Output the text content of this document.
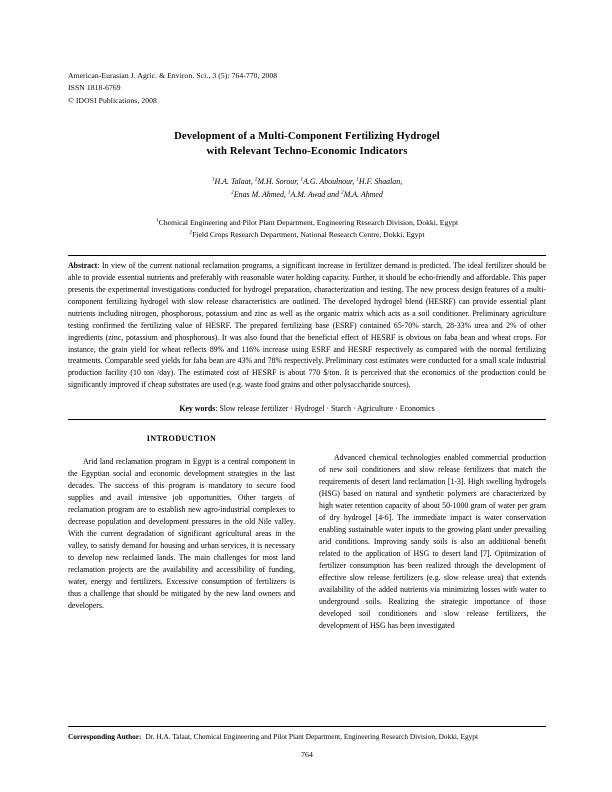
American-Eurasian J. Agric. & Environ. Sci., 3 (5): 764-770, 2008
ISSN 1818-6769
© IDOSI Publications, 2008
Development of a Multi-Component Fertilizing Hydrogel
with Relevant Techno-Economic Indicators
$^1$H.A. Talaat, $^2$M.H. Sorour, $^1$A.G. Aboulnour, $^1$H.F. Shaalan,
$^2$Enas M. Ahmed, $^1$A.M. Awad and $^2$M.A. Ahmed
$^1$Chemical Engineering and Pilot Plant Department, Engineering Research Division, Dokki, Egypt
$^2$Field Crops Research Department, National Research Centre, Dokki, Egypt
Abstract: In view of the current national reclamation programs, a significant increase in fertilizer demand is predicted. The ideal fertilizer should be able to provide essential nutrients and preferably with reasonable water holding capacity. Further, it should be echo-friendly and affordable. This paper presents the experimental investigations conducted for hydrogel preparation, characterization and testing. The new process design features of a multi-component fertilizing hydrogel with slow release characteristics are outlined. The developed hydrogel blend (HESRF) can provide essential plant nutrients including nitrogen, phosphorous, potassium and zinc as well as the organic matrix which acts as a soil conditioner. Preliminary agriculture testing confirmed the fertilizing value of HESRF. The prepared fertilizing base (ESRF) contained 65-70% starch, 28-33% urea and 2% of other ingredients (zinc, potassium and phosphorous). It was also found that the beneficial effect of HESRF is obvious on faba bean and wheat crops. For instance, the grain yield for wheat reflects 89% and 116% increase using ESRF and HESRF respectively as compared with the normal fertilizing treatments. Comparable seed yields for faba bean are 43% and 78% respectively. Preliminary cost estimates were conducted for a small scale industrial production facility (10 ton /day). The estimated cost of HESRF is about 770 $/ton. It is perceived that the economics of the production could be significantly improved if cheap substrates are used (e.g. waste food grains and other polysaccharide sources).
Key words: Slow release fertilizer · Hydrogel · Starch · Agriculture · Economics
INTRODUCTION

Arid land reclamation program in Egypt is a central component in the Egyptian social and economic development strategies in the last decades. The success of this program is mandatory to secure food supplies and avail intensive job opportunities. Other targets of reclamation program are to establish new agro-industrial complexes to decrease population and development pressures in the old Nile valley. With the current degradation of significant agricultural areas in the valley, to satisfy demand for housing and urban services, it is necessary to develop new reclaimed lands. The main challenges for most land reclamation projects are the availability and accessibility of funding, water, energy and fertilizers. Excessive consumption of fertilizers is thus a challenge that should be mitigated by the new land owners and developers.

Advanced chemical technologies enabled commercial production of new soil conditioners and slow release fertilizers that match the requirements of desert land reclamation [1-3]. High swelling hydrogels (HSG) based on natural and synthetic polymers are characterized by high water retention capacity of about 50-1000 gram of water per gram of dry hydrogel [4-6]. The immediate impact is water conservation enabling sustainable water inputs to the growing plant under prevailing arid conditions. Improving sandy soils is also an additional benefit related to the application of HSG to desert land [7]. Optimization of fertilizer consumption has been realized through the development of effective slow release fertilizers (e.g. slow release urea) that extends availability of the added nutrients via minimizing losses with water to underground soils. Realizing the strategic importance of those developed soil conditioners and slow release fertilizers, the development of HSG has been investigated

Corresponding Author: Dr. H.A. Talaat, Chemical Engineering and Pilot Plant Department, Engineering Research Division, Dokki, Egypt
764
